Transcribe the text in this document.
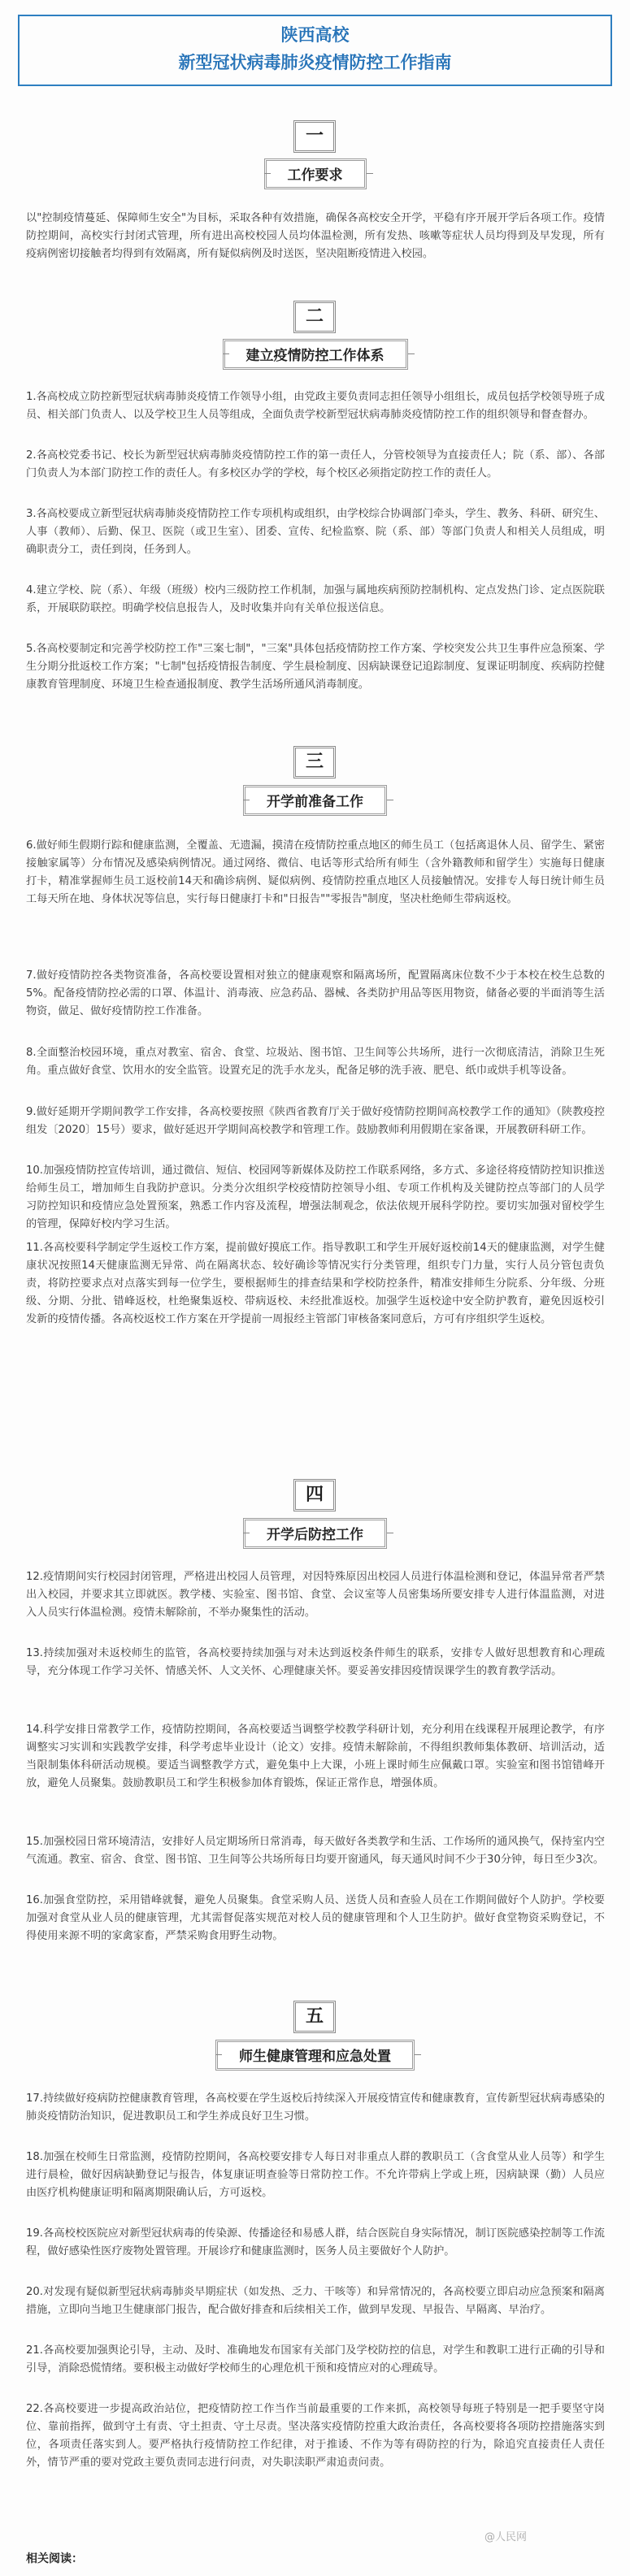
陕西高校
新型冠状病毒肺炎疫情防控工作指南
一
工作要求

以"控制疫情蔓延、保障师生安全"为目标，采取各种有效措施，确保各高校安全开学，平稳有序开展开学后各项工作。疫情防控期间，高校实行封闭式管理，所有进出高校校园人员均体温检测，所有发热、咳嗽等症状人员均得到及早发现，所有疫病例密切接触者均得到有效隔离，所有疑似病例及时送医，坚决阻断疫情进入校园。

二
建立疫情防控工作体系

1.各高校成立防控新型冠状病毒肺炎疫情工作领导小组，由党政主要负责同志担任领导小组组长，成员包括学校领导班子成员、相关部门负责人、以及学校卫生人员等组成，全面负责学校新型冠状病毒肺炎疫情防控工作的组织领导和督查督办。

2.各高校党委书记、校长为新型冠状病毒肺炎疫情防控工作的第一责任人，分管校领导为直接责任人；院（系、部）、各部门负责人为本部门防控工作的责任人。有多校区办学的学校，每个校区必须指定防控工作的责任人。

3.各高校要成立新型冠状病毒肺炎疫情防控工作专项机构或组织，由学校综合协调部门牵头，学生、教务、科研、研究生、人事（教师）、后勤、保卫、医院（或卫生室）、团委、宣传、纪检监察、院（系、部）等部门负责人和相关人员组成，明确职责分工，责任到岗，任务到人。

4.建立学校、院（系）、年级（班级）校内三级防控工作机制，加强与属地疾病预防控制机构、定点发热门诊、定点医院联系，开展联防联控。明确学校信息报告人，及时收集并向有关单位报送信息。

5.各高校要制定和完善学校防控工作"三案七制"，"三案"具体包括疫情防控工作方案、学校突发公共卫生事件应急预案、学生分期分批返校工作方案；"七制"包括疫情报告制度、学生晨检制度、因病缺课登记追踪制度、复课证明制度、疾病防控健康教育管理制度、环境卫生检查通报制度、教学生活场所通风消毒制度。

三
开学前准备工作

6.做好师生假期行踪和健康监测，全覆盖、无遗漏，摸清在疫情防控重点地区的师生员工（包括离退休人员、留学生、紧密接触家属等）分布情况及感染病例情况。通过网络、微信、电话等形式给所有师生（含外籍教师和留学生）实施每日健康打卡，精准掌握师生员工返校前14天和确诊病例、疑似病例、疫情防控重点地区人员接触情况。安排专人每日统计师生员工每天所在地、身体状况等信息，实行每日健康打卡和"日报告""零报告"制度，坚决杜绝师生带病返校。

7.做好疫情防控各类物资准备，各高校要设置相对独立的健康观察和隔离场所，配置隔离床位数不少于本校在校生总数的5%。配备疫情防控必需的口罩、体温计、消毒液、应急药品、器械、各类防护用品等医用物资，储备必要的半面消等生活物资，做足、做好疫情防控工作准备。

8.全面整治校园环境，重点对教室、宿舍、食堂、垃圾站、图书馆、卫生间等公共场所，进行一次彻底清洁，消除卫生死角。重点做好食堂、饮用水的安全监管。设置充足的洗手水龙头，配备足够的洗手液、肥皂、纸巾或烘手机等设备。

9.做好延期开学期间教学工作安排，各高校要按照《陕西省教育厅关于做好疫情防控期间高校教学工作的通知》（陕教疫控组发〔2020〕15号）要求，做好延迟开学期间高校教学和管理工作。鼓励教师利用假期在家备课，开展教研科研工作。

10.加强疫情防控宣传培训，通过微信、短信、校园网等新媒体及防控工作联系网络，多方式、多途径将疫情防控知识推送给师生员工，增加师生自我防护意识。分类分次组织学校疫情防控领导小组、专项工作机构及关键防控点等部门的人员学习防控知识和疫情应急处置预案，熟悉工作内容及流程，增强法制观念，依法依规开展科学防控。要切实加强对留校学生的管理，保障好校内学习生活。

11.各高校要科学制定学生返校工作方案，提前做好摸底工作。指导教职工和学生开展好返校前14天的健康监测，对学生健康状况按照14天健康监测无异常、尚在隔离状态、较好确诊等情况实行分类管理，组织专门力量，实行人员分管包责负责，将防控要求点对点落实到每一位学生，要根据师生的排查结果和学校防控条件，精准安排师生分院系、分年级、分班级、分期、分批、错峰返校，杜绝聚集返校、带病返校、未经批准返校。加强学生返校途中安全防护教育，避免因返校引发新的疫情传播。各高校返校工作方案在开学提前一周报经主管部门审核备案同意后，方可有序组织学生返校。

四
开学后防控工作

12.疫情期间实行校园封闭管理，严格进出校园人员管理，对因特殊原因出校园人员进行体温检测和登记，体温异常者严禁出入校园，并要求其立即就医。教学楼、实验室、图书馆、食堂、会议室等人员密集场所要安排专人进行体温监测，对进入人员实行体温检测。疫情未解除前，不举办聚集性的活动。

13.持续加强对未返校师生的监管，各高校要持续加强与对未达到返校条件师生的联系，安排专人做好思想教育和心理疏导，充分体现工作学习关怀、情感关怀、人文关怀、心理健康关怀。要妥善安排因疫情误课学生的教育教学活动。

14.科学安排日常教学工作，疫情防控期间，各高校要适当调整学校教学科研计划，充分利用在线课程开展理论教学，有序调整实习实训和实践教学安排，科学考虑毕业设计（论文）安排。疫情未解除前，不得组织教师集体教研、培训活动，适当限制集体科研活动规模。要适当调整教学方式，避免集中上大课，小班上课时师生应佩戴口罩。实验室和图书馆错峰开放，避免人员聚集。鼓励教职员工和学生积极参加体育锻炼，保证正常作息，增强体质。

15.加强校园日常环境清洁，安排好人员定期场所日常消毒，每天做好各类教学和生活、工作场所的通风换气，保持室内空气流通。教室、宿舍、食堂、图书馆、卫生间等公共场所每日均要开窗通风，每天通风时间不少于30分钟，每日至少3次。

16.加强食堂防控，采用错峰就餐，避免人员聚集。食堂采购人员、送货人员和查验人员在工作期间做好个人防护。学校要加强对食堂从业人员的健康管理，尤其需督促落实规范对校人员的健康管理和个人卫生防护。做好食堂物资采购登记，不得使用来源不明的家禽家畜，严禁采购食用野生动物。

五
师生健康管理和应急处置

17.持续做好疫病防控健康教育管理，各高校要在学生返校后持续深入开展疫情宣传和健康教育，宣传新型冠状病毒感染的肺炎疫情防治知识，促进教职员工和学生养成良好卫生习惯。

18.加强在校师生日常监测，疫情防控期间，各高校要安排专人每日对非重点人群的教职员工（含食堂从业人员等）和学生进行晨检，做好因病缺勤登记与报告，体复康证明查验等日常防控工作。不允许带病上学或上班，因病缺课（勤）人员应由医疗机构健康证明和隔离期限确认后，方可返校。

19.各高校校医院应对新型冠状病毒的传染源、传播途径和易感人群，结合医院自身实际情况，制订医院感染控制等工作流程，做好感染性医疗废物处置管理。开展诊疗和健康监测时，医务人员主要做好个人防护。

20.对发现有疑似新型冠状病毒肺炎早期症状（如发热、乏力、干咳等）和异常情况的，各高校要立即启动应急预案和隔离措施，立即向当地卫生健康部门报告，配合做好排查和后续相关工作，做到早发现、早报告、早隔离、早治疗。

21.各高校要加强舆论引导，主动、及时、准确地发布国家有关部门及学校防控的信息，对学生和教职工进行正确的引导和引导，消除恐慌情绪。要积极主动做好学校师生的心理危机干预和疫情应对的心理疏导。

22.各高校要进一步提高政治站位，把疫情防控工作当作当前最重要的工作来抓，高校领导每班子特别是一把手要坚守岗位、靠前指挥，做到守土有责、守土担责、守土尽责。坚决落实疫情防控重大政治责任，各高校要将各项防控措施落实到位，各项责任落实到人。要严格执行疫情防控工作纪律，对于推诿、不作为等有碍防控的行为，除追究直接责任人责任外，情节严重的要对党政主要负责同志进行问责，对失职渎职严肃追责问责。

@人民网
相关阅读：
